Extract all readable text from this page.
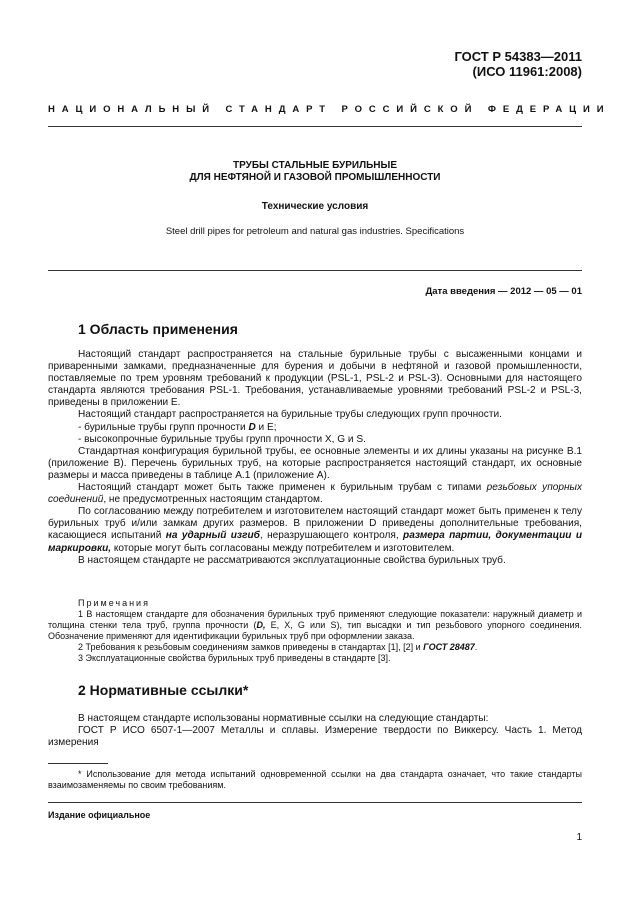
ГОСТ Р 54383—2011
(ИСО 11961:2008)
НАЦИОНАЛЬНЫЙ СТАНДАРТ РОССИЙСКОЙ ФЕДЕРАЦИИ
ТРУБЫ СТАЛЬНЫЕ БУРИЛЬНЫЕ
ДЛЯ НЕФТЯНОЙ И ГАЗОВОЙ ПРОМЫШЛЕННОСТИ
Технические условия
Steel drill pipes for petroleum and natural gas industries. Specifications
Дата введения — 2012 — 05 — 01
1 Область применения

Настоящий стандарт распространяется на стальные бурильные трубы с высаженными концами и приваренными замками, предназначенные для бурения и добычи в нефтяной и газовой промышленности, поставляемые по трем уровням требований к продукции (PSL-1, PSL-2 и PSL-3). Основными для настоящего стандарта являются требования PSL-1. Требования, устанавливаемые уровнями требований PSL-2 и PSL-3, приведены в приложении E.

Настоящий стандарт распространяется на бурильные трубы следующих групп прочности.

- бурильные трубы групп прочности D и E;

- высокопрочные бурильные трубы групп прочности X, G и S.

Стандартная конфигурация бурильной трубы, ее основные элементы и их длины указаны на рисунке B.1 (приложение B). Перечень бурильных труб, на которые распространяется настоящий стандарт, их основные размеры и масса приведены в таблице A.1 (приложение A).

Настоящий стандарт может быть также применен к бурильным трубам с типами резьбовых упорных соединений, не предусмотренных настоящим стандартом.

По согласованию между потребителем и изготовителем настоящий стандарт может быть применен к телу бурильных труб и/или замкам других размеров. В приложении D приведены дополнительные требования, касающиеся испытаний на ударный изгиб, неразрушающего контроля, размера партии, документации и маркировки, которые могут быть согласованы между потребителем и изготовителем.

В настоящем стандарте не рассматриваются эксплуатационные свойства бурильных труб.

Примечания

1 В настоящем стандарте для обозначения бурильных труб применяют следующие показатели: наружный диаметр и толщина стенки тела труб, группа прочности (D, E, X, G или S), тип высадки и тип резьбового упорного соединения. Обозначение применяют для идентификации бурильных труб при оформлении заказа.

2 Требования к резьбовым соединениям замков приведены в стандартах [1], [2] и ГОСТ 28487.

3 Эксплуатационные свойства бурильных труб приведены в стандарте [3].

2 Нормативные ссылки*

В настоящем стандарте использованы нормативные ссылки на следующие стандарты:

ГОСТ Р ИСО 6507-1—2007 Металлы и сплавы. Измерение твердости по Виккерсу. Часть 1. Метод измерения

* Использование для метода испытаний одновременной ссылки на два стандарта означает, что такие стандарты взаимозаменяемы по своим требованиям.
Издание официальное
1
